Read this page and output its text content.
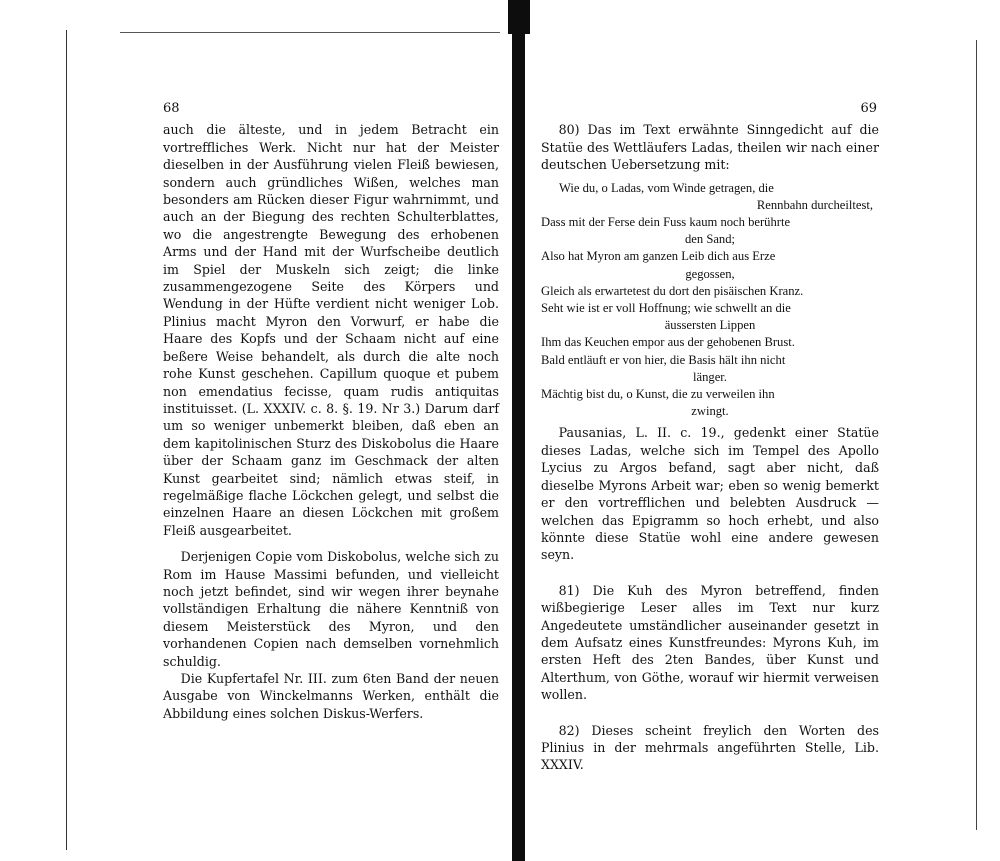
68

auch die älteste, und in jedem Betracht ein vortreffliches Werk. Nicht nur hat der Meister dieselben in der Ausführung vielen Fleiß bewiesen, sondern auch gründliches Wißen, welches man besonders am Rücken dieser Figur wahrnimmt, und auch an der Biegung des rechten Schulterblattes, wo die angestrengte Bewegung des erhobenen Arms und der Hand mit der Wurfscheibe deutlich im Spiel der Muskeln sich zeigt; die linke zusammengezogene Seite des Körpers und Wendung in der Hüfte verdient nicht weniger Lob. Plinius macht Myron den Vorwurf, er habe die Haare des Kopfs und der Schaam nicht auf eine beßere Weise behandelt, als durch die alte noch rohe Kunst geschehen. Capillum quoque et pubem non emendatius fecisse, quam rudis antiquitas instituisset. (L. XXXIV. c. 8. §. 19. Nr 3.) Darum darf um so weniger unbemerkt bleiben, daß eben an dem kapitolinischen Sturz des Diskobolus die Haare über der Schaam ganz im Geschmack der alten Kunst gearbeitet sind; nämlich etwas steif, in regelmäßige flache Löckchen gelegt, und selbst die einzelnen Haare an diesen Löckchen mit großem Fleiß ausgearbeitet.

Derjenigen Copie vom Diskobolus, welche sich zu Rom im Hause Massimi befunden, und vielleicht noch jetzt befindet, sind wir wegen ihrer beynahe vollständigen Erhaltung die nähere Kenntniß von diesem Meisterstück des Myron, und den vorhandenen Copien nach demselben vornehmlich schuldig.

Die Kupfertafel Nr. III. zum 6ten Band der neuen Ausgabe von Winckelmanns Werken, enthält die Abbildung eines solchen Diskus-Werfers.

69

80) Das im Text erwähnte Sinngedicht auf die Statüe des Wettläufers Ladas, theilen wir nach einer deutschen Uebersetzung mit:

Wie du, o Ladas, vom Winde getragen, die
Rennbahn durcheiltest,
Dass mit der Ferse dein Fuss kaum noch berührte
den Sand;
Also hat Myron am ganzen Leib dich aus Erze
gegossen,
Gleich als erwartetest du dort den pisäischen Kranz.
Seht wie ist er voll Hoffnung; wie schwellt an die
äussersten Lippen
Ihm das Keuchen empor aus der gehobenen Brust.
Bald entläuft er von hier, die Basis hält ihn nicht
länger.
Mächtig bist du, o Kunst, die zu verweilen ihn
zwingt.

Pausanias, L. II. c. 19., gedenkt einer Statüe dieses Ladas, welche sich im Tempel des Apollo Lycius zu Argos befand, sagt aber nicht, daß dieselbe Myrons Arbeit war; eben so wenig bemerkt er den vortrefflichen und belebten Ausdruck — welchen das Epigramm so hoch erhebt, und also könnte diese Statüe wohl eine andere gewesen seyn.

81) Die Kuh des Myron betreffend, finden wißbegierige Leser alles im Text nur kurz Angedeutete umständlicher auseinander gesetzt in dem Aufsatz eines Kunstfreundes: Myrons Kuh, im ersten Heft des 2ten Bandes, über Kunst und Alterthum, von Göthe, worauf wir hiermit verweisen wollen.

82) Dieses scheint freylich den Worten des Plinius in der mehrmals angeführten Stelle, Lib. XXXIV.
